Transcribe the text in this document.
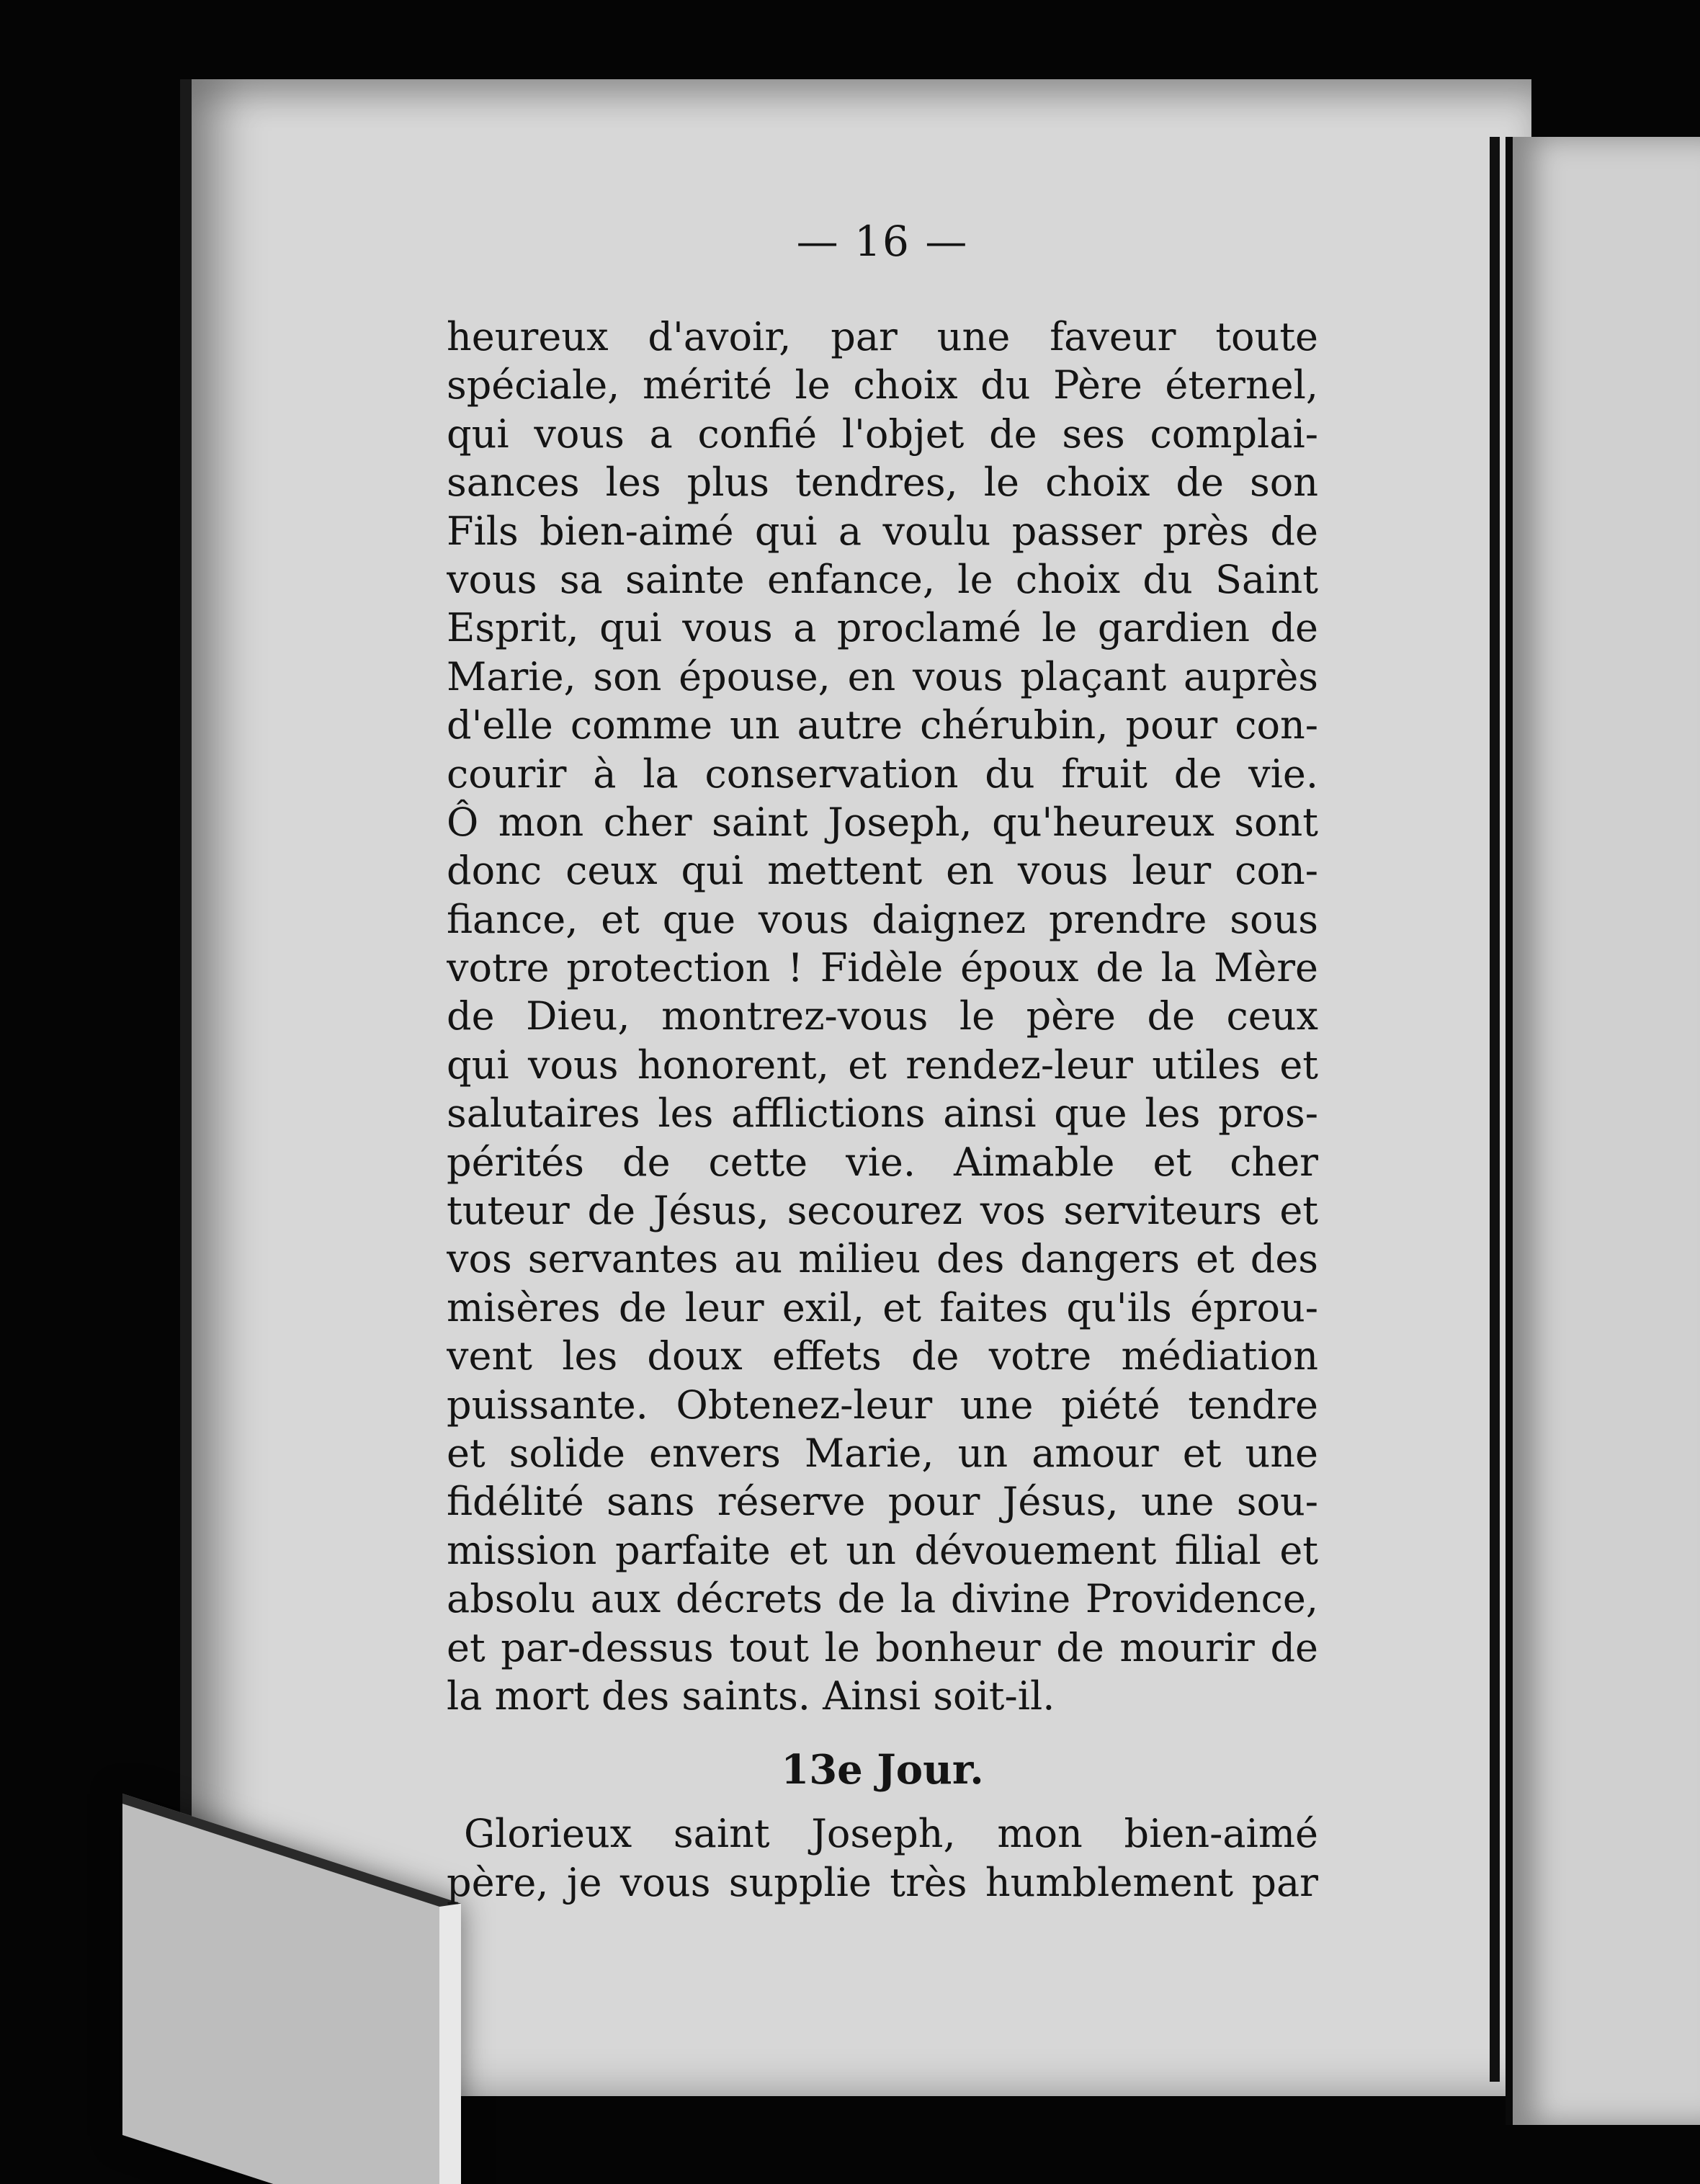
— 16 —
heureux d'avoir, par une faveur toute
spéciale, mérité le choix du Père éternel,
qui vous a confié l'objet de ses complai-
sances les plus tendres, le choix de son
Fils bien-aimé qui a voulu passer près de
vous sa sainte enfance, le choix du Saint
Esprit, qui vous a proclamé le gardien de
Marie, son épouse, en vous plaçant auprès
d'elle comme un autre chérubin, pour con-
courir à la conservation du fruit de vie.
Ô mon cher saint Joseph, qu'heureux sont
donc ceux qui mettent en vous leur con-
fiance, et que vous daignez prendre sous
votre protection ! Fidèle époux de la Mère
de Dieu, montrez-vous le père de ceux
qui vous honorent, et rendez-leur utiles et
salutaires les afflictions ainsi que les pros-
pérités de cette vie. Aimable et cher
tuteur de Jésus, secourez vos serviteurs et
vos servantes au milieu des dangers et des
misères de leur exil, et faites qu'ils éprou-
vent les doux effets de votre médiation
puissante. Obtenez-leur une piété tendre
et solide envers Marie, un amour et une
fidélité sans réserve pour Jésus, une sou-
mission parfaite et un dévouement filial et
absolu aux décrets de la divine Providence,
et par-dessus tout le bonheur de mourir de
la mort des saints. Ainsi soit-il.
13e Jour.
Glorieux saint Joseph, mon bien-aimé
père, je vous supplie très humblement par
